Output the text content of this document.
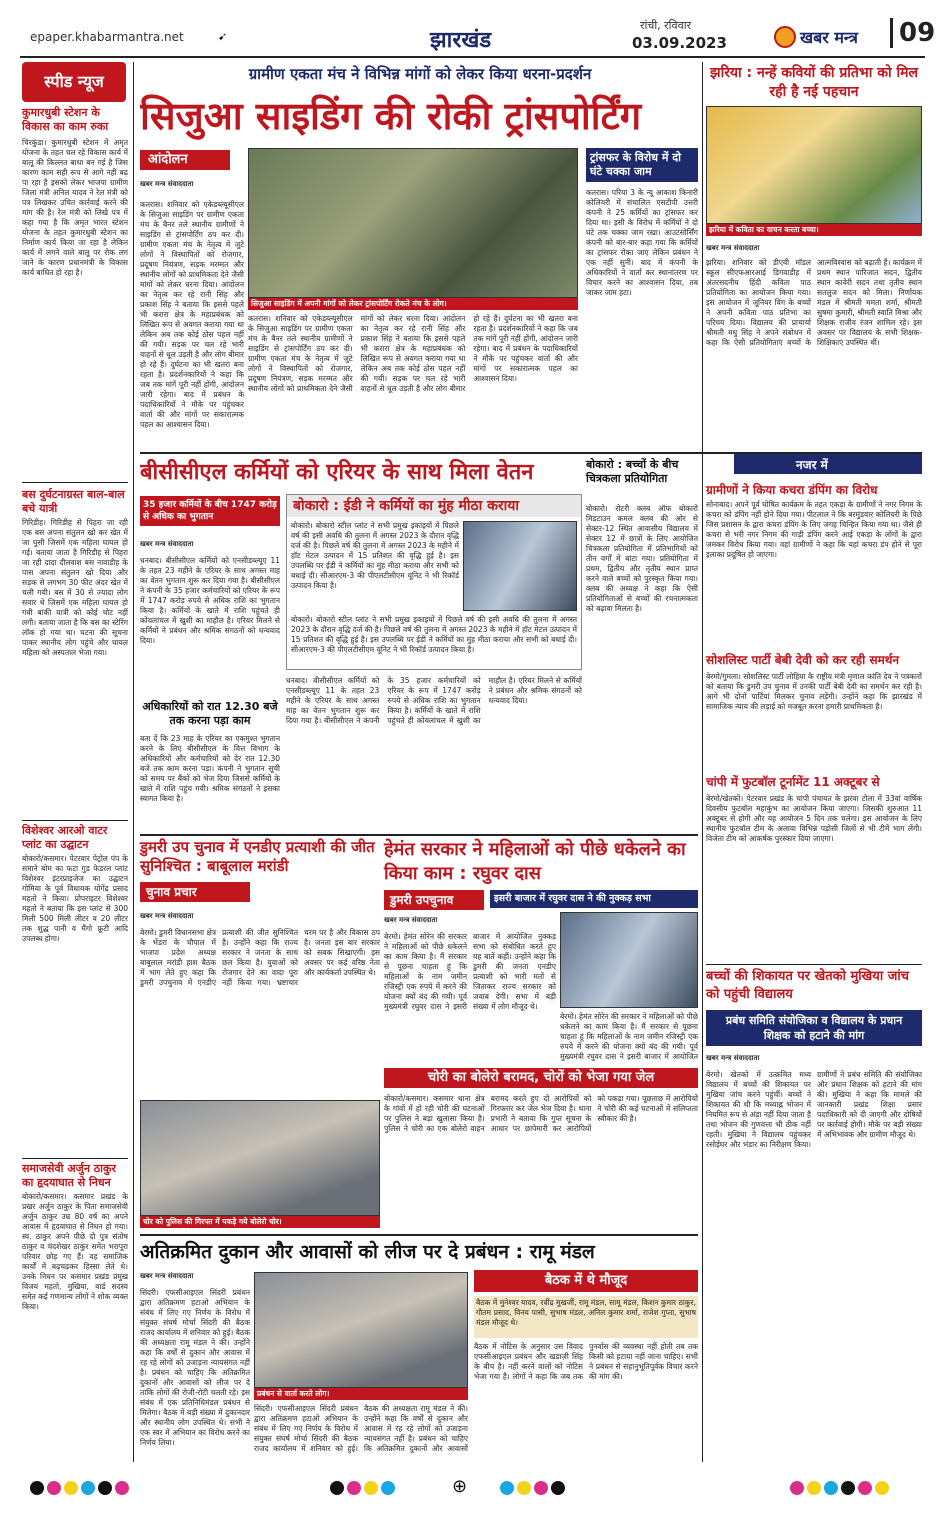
epaper.khabarmantra.net	➹	झारखंड
रांची, रविवार
03.09.2023	खबर मन्त्र	09
स्पीड न्यूज
कुमारधुबी स्टेशन के विकास का काम रुका
चिरकुंडा। कुमारधुबी स्टेशन में अमृत योजना के तहत चल रहे विकास कार्य में बालू की किल्लत बाधा बन गई है जिस कारण काम सही रूप से आगे नहीं बढ़ पा रहा है इसको लेकर भाजपा ग्रामीण जिला मंत्री अनिल यादव ने रेल मंत्री को पत्र लिखकर उचित कार्रवाई करने की मांग की है। रेल मंत्री को लिखे पत्र में कहा गया है कि अमृत भारत स्टेशन योजना के तहत कुमारधुबी स्टेशन का निर्माण कार्य किया जा रहा है लेकिन कार्य में लगने वाले बालू पर रोक लग जाने के कारण प्रधानमंत्री के विकास कार्य बाधित हो रहा है।
बस दुर्घटनाग्रस्त बाल-बाल बचे यात्री
गिरिडीह। गिरिडीह से पिहरा जा रही एक बस अपना संतुलन खो कर खेत में जा घुसी जिसमें एक महिला घायल हो गई। बताया जाता है गिरिडीह से पिहरा जा रही दादा दीलवाश बस नावाडीह के पास अपना संतुलन खो दिया और सड़क से लगभग 30 फीट अंदर खेत में चली गयी। बस में 30 से ज्यादा लोग सवार थे जिसमें एक महिला घायल हो गयी बाकी यात्री को कोई चोट नहीं लगी। बताया जाता है कि बस का स्टेरिंग लॉक हो गया था। घटना की सूचना पाकर स्थानीय लोग पहुंचे और घायल महिला को अस्पताल भेजा गया।
विशेश्वर आरओ वाटर प्लांट का उद्घाटन
बोकारो/कसमार। पेटरवार पेट्रोल पंप के समाने बोम का फटा गुड फेडरल प्लांट विशेश्वर इंटरप्राइजेज का उद्घाटन गोमिया के पूर्व विधायक योगेंद्र प्रसाद महतो ने किया। प्रोपराइटर विशेश्वर महतो ने बताया कि इस प्लांट से 300 मिली 500 मिली लीटर व 20 लीटर तक शुद्ध पानी व मैंगो फ्रूटी आदि उपलब्ध होगा।
समाजसेवी अर्जुन ठाकुर का हृदयाघात से निधन
बोकारो/कसमार। कसमार प्रखंड के प्रखर अर्जुन ठाकुर के पिता समाजसेवी अर्जुन ठाकुर उम्र 80 वर्ष का अपने आवास में हृदयाघात से निधन हो गया। स्व. ठाकुर अपने पीछे दो पुत्र संतोष ठाकुर व चंदशेखर ठाकुर समेत भरापूरा परिवार छोड़ गए हैं। वह समाजिक कार्यों में बढ़चढ़कर हिस्सा लेते थे। उनके निधन पर कसमार प्रखंड प्रमुख विजय महतो, मुखिया, वार्ड सदस्य समेत कई गणमान्य लोगों ने शोक व्यक्त किया।
ग्रामीण एकता मंच ने विभिन्न मांगों को लेकर किया धरना-प्रदर्शन
सिजुआ साइडिंग की रोकी ट्रांसपोर्टिंग
आंदोलन
खबर मन्त्र संवाददाता
सिजुआ साइडिंग में अपनी मांगों को लेकर ट्रांसपोर्टिंग रोकते मंच के लोग।
कतरास। शनिवार को एकेडब्ल्यूसीएल के सिजुआ साइडिंग पर ग्रामीण एकता मंच के बैनर तले स्थानीय ग्रामीणों ने साइडिंग से ट्रांसपोर्टिंग ठप कर दी। ग्रामीण एकता मंच के नेतृत्व में जुटे लोगों ने विस्थापितों को रोजगार, प्रदूषण नियंत्रण, सड़क मरम्मत और स्थानीय लोगों को प्राथमिकता देने जैसी मांगों को लेकर धरना दिया। आंदोलन का नेतृत्व कर रहे रानी सिंह और प्रकाश सिंह ने बताया कि इससे पहले भी करारा क्षेत्र के महाप्रबंधक को लिखित रूप से अवगत कराया गया था लेकिन अब तक कोई ठोस पहल नहीं की गयी। सड़क पर चल रहे भारी वाहनों से धूल उड़ती है और लोग बीमार हो रहे हैं। दुर्घटना का भी खतरा बना रहता है। प्रदर्शनकारियों ने कहा कि जब तक मांगें पूरी नहीं होंगी, आंदोलन जारी रहेगा। बाद में प्रबंधन के पदाधिकारियों ने मौके पर पहुंचकर वार्ता की और मांगों पर सकारात्मक पहल का आश्वासन दिया।
कतरास। शनिवार को एकेडब्ल्यूसीएल के सिजुआ साइडिंग पर ग्रामीण एकता मंच के बैनर तले स्थानीय ग्रामीणों ने साइडिंग से ट्रांसपोर्टिंग ठप कर दी। ग्रामीण एकता मंच के नेतृत्व में जुटे लोगों ने विस्थापितों को रोजगार, प्रदूषण नियंत्रण, सड़क मरम्मत और स्थानीय लोगों को प्राथमिकता देने जैसी मांगों को लेकर धरना दिया। आंदोलन का नेतृत्व कर रहे रानी सिंह और प्रकाश सिंह ने बताया कि इससे पहले भी करारा क्षेत्र के महाप्रबंधक को लिखित रूप से अवगत कराया गया था लेकिन अब तक कोई ठोस पहल नहीं की गयी। सड़क पर चल रहे भारी वाहनों से धूल उड़ती है और लोग बीमार हो रहे हैं। दुर्घटना का भी खतरा बना रहता है। प्रदर्शनकारियों ने कहा कि जब तक मांगें पूरी नहीं होंगी, आंदोलन जारी रहेगा। बाद में प्रबंधन के पदाधिकारियों ने मौके पर पहुंचकर वार्ता की और मांगों पर सकारात्मक पहल का आश्वासन दिया।
ट्रांसफर के विरोध में दो घंटे चक्का जाम
कतरास। परिया 3 के न्यू आकाश किनारी कोलियरी में संचालित एसटीपी उत्तरी कंपनी ने 25 कर्मियों का ट्रांसफर कर दिया था। इसी के विरोध में कर्मियों ने दो घंटे तक चक्का जाम रखा। आउटसोर्सिंग कंपनी को बार-बार कहा गया कि कर्मियों का ट्रांसफर रोका जाए लेकिन प्रबंधन ने एक नहीं सुनी। बाद में कंपनी के अधिकारियों ने वार्ता कर स्थानांतरण पर विचार करने का आश्वासन दिया, तब जाकर जाम हटा।
झरिया : नन्हें कवियों की प्रतिभा को मिल रही है नई पहचान
झरिया में कविता का वाचन करता बच्चा।
खबर मन्त्र संवाददाता
झरिया। शनिवार को डीएवी मॉडल स्कूल सीएफआरआई डिगवाडीह में अंतरसदनीय हिंदी कविता पाठ प्रतियोगिता का आयोजन किया गया। इस आयोजन में जूनियर विंग के बच्चों ने अपनी कविता पाठ प्रतिभा का परिचय दिया। विद्यालय की प्राचार्या श्रीमती मधु सिंह ने अपने संबोधन में कहा कि ऐसी प्रतियोगिताएं बच्चों के आत्मविश्वास को बढ़ाती हैं। कार्यक्रम में प्रथम स्थान पारिजात सदन, द्वितीय स्थान कावेरी सदन तथा तृतीय स्थान सतलुज सदन को मिला। निर्णायक मंडल में श्रीमती ममता शर्मा, श्रीमती सुषमा कुमारी, श्रीमती स्वाति मिश्रा और शिक्षक राजीव रंजन शामिल रहे। इस अवसर पर विद्यालय के सभी शिक्षक-शिक्षिकाएं उपस्थित थीं।
बीसीसीएल कर्मियों को एरियर के साथ मिला वेतन
35 हजार कर्मियों के बीच 1747 करोड़ से अधिक का भुगतान
खबर मन्त्र संवाददाता
धनबाद। बीसीसीएल कर्मियों को एनसीडब्ल्यूए 11 के तहत 23 महीने के एरियर के साथ अगस्त माह का वेतन भुगतान शुरू कर दिया गया है। बीसीसीएल ने कंपनी के 35 हजार कर्मचारियों को एरियर के रूप में 1747 करोड़ रुपये से अधिक राशि का भुगतान किया है। कर्मियों के खाते में राशि पहुंचते ही कोयलांचल में खुशी का माहौल है। एरियर मिलने से कर्मियों ने प्रबंधन और श्रमिक संगठनों को धन्यवाद दिया।
अधिकारियों को रात 12.30 बजे तक करना पड़ा काम
बता दें कि 23 माह के एरियर का एकमुश्त भुगतान करने के लिए बीसीसीएल के वित्त विभाग के अधिकारियों और कर्मचारियों को देर रात 12.30 बजे तक काम करना पड़ा। कंपनी ने भुगतान सूची को समय पर बैंकों को भेज दिया जिससे कर्मियों के खाते में राशि पहुंच गयी। श्रमिक संगठनों ने इसका स्वागत किया है।
बोकारो : ईडी ने कर्मियों का मुंह मीठा कराया
बोकारो। बोकारो स्टील प्लांट ने सभी प्रमुख इकाइयों में पिछले वर्ष की इसी अवधि की तुलना में अगस्त 2023 के दौरान वृद्धि दर्ज की है। पिछले वर्ष की तुलना में अगस्त 2023 के महीने में हॉट मेटल उत्पादन में 15 प्रतिशत की वृद्धि हुई है। इस उपलब्धि पर ईडी ने कर्मियों का मुंह मीठा कराया और सभी को बधाई दी। सीआरएम-3 की पीएलटीसीएम यूनिट ने भी रिकॉर्ड उत्पादन किया है।
बोकारो। बोकारो स्टील प्लांट ने सभी प्रमुख इकाइयों में पिछले वर्ष की इसी अवधि की तुलना में अगस्त 2023 के दौरान वृद्धि दर्ज की है। पिछले वर्ष की तुलना में अगस्त 2023 के महीने में हॉट मेटल उत्पादन में 15 प्रतिशत की वृद्धि हुई है। इस उपलब्धि पर ईडी ने कर्मियों का मुंह मीठा कराया और सभी को बधाई दी। सीआरएम-3 की पीएलटीसीएम यूनिट ने भी रिकॉर्ड उत्पादन किया है।
धनबाद। बीसीसीएल कर्मियों को एनसीडब्ल्यूए 11 के तहत 23 महीने के एरियर के साथ अगस्त माह का वेतन भुगतान शुरू कर दिया गया है। बीसीसीएल ने कंपनी के 35 हजार कर्मचारियों को एरियर के रूप में 1747 करोड़ रुपये से अधिक राशि का भुगतान किया है। कर्मियों के खाते में राशि पहुंचते ही कोयलांचल में खुशी का माहौल है। एरियर मिलने से कर्मियों ने प्रबंधन और श्रमिक संगठनों को धन्यवाद दिया।
बोकारो : बच्चों के बीच चित्रकला प्रतियोगिता
बोकारो। रोटरी क्लब ऑफ बोकारो मिडटाउन कमल क्लब की ओर से सेक्टर-12 स्थित आवासीय विद्यालय में सेक्टर 12 में छात्रों के लिए आयोजित चित्रकला प्रतियोगिता में प्रतिभागियों को तीन वर्गों में बांटा गया। प्रतियोगिता में प्रथम, द्वितीय और तृतीय स्थान प्राप्त करने वाले बच्चों को पुरस्कृत किया गया। क्लब की अध्यक्ष ने कहा कि ऐसी प्रतियोगिताओं से बच्चों की रचनात्मकता को बढ़ावा मिलता है।
नजर में
ग्रामीणों ने किया कचरा डंपिंग का विरोध
सोनाबाद। अपने पूर्व घोषित कार्यक्रम के तहत एकड़ा के ग्रामीणों ने नगर निगम के कचरा को डंपिंग नहीं होने दिया गया। पीटलाल ने कि बरमुंडवार कोलियरी के पिछे जिस प्रशासन के द्वारा कचरा डंपिंग के लिए जगह चिन्हित किया गया था। जैसे ही कचरा से भरी नगर निगम की गाड़ी डंपिंग करने आई एकड़ा के लोगों के द्वारा जमकर विरोध किया गया। वहां ग्रामीणों ने कहा कि यहां कचरा डंप होने से पूरा इलाका प्रदूषित हो जाएगा।
सोशलिस्ट पार्टी बेबी देवी को कर रही समर्थन
बेरमो/गुमला। सोशलिस्ट पार्टी लोहिया के राष्ट्रीय मंत्री मृणाल कांति देव ने पत्रकारों को बताया कि डुमरी उप चुनाव में उनकी पार्टी बेबी देवी का समर्थन कर रही है। आगे भी दोनों पार्टियां मिलकर चुनाव लड़ेंगी। उन्होंने कहा कि झारखंड में सामाजिक न्याय की लड़ाई को मजबूत करना हमारी प्राथमिकता है।
चांपी में फुटबॉल टूर्नामेंट 11 अक्टूबर से
बेरमो/खेतको। पेटरवार प्रखंड के चांपी पंचायत के झरवा टोला में 33वां वार्षिक दिवसीय फुटबॉल महाकुंभ का आयोजन किया जाएगा। जिसकी शुरुआत 11 अक्टूबर से होगी और यह आयोजन 5 दिन तक चलेगा। इस आयोजन के लिए स्थानीय फुटबॉल टीम के अलावा विभिन्न पड़ोसी जिलों से भी टीमें भाग लेंगी। विजेता टीम को आकर्षक पुरस्कार दिया जाएगा।
डुमरी उप चुनाव में एनडीए प्रत्याशी की जीत सुनिश्चित : बाबूलाल मरांडी
चुनाव प्रचार
खबर मन्त्र संवाददाता
बेरमो। डुमरी विधानसभा क्षेत्र के भेंडरा के चौपाल में भाजपा प्रदेश अध्यक्ष बाबूलाल मरांडी हाश बैठक में भाग लेते हुए कहा कि डुमरी उपचुनाव में एनडीए प्रत्याशी की जीत सुनिश्चित है। उन्होंने कहा कि राज्य सरकार ने जनता के साथ छल किया है। युवाओं को रोजगार देने का वादा पूरा नहीं किया गया। भ्रष्टाचार चरम पर है और विकास ठप है। जनता इस बार सरकार को सबक सिखाएगी। इस अवसर पर कई वरिष्ठ नेता और कार्यकर्ता उपस्थित थे।
चोर को पुलिस की गिरफ्त में पकड़े गये बोलेरो चोर।
हेमंत सरकार ने महिलाओं को पीछे धकेलने का किया काम : रघुवर दास
डुमरी उपचुनाव	इसरी बाजार में रघुवर दास ने की नुक्कड़ सभा
खबर मन्त्र संवाददाता
बेरमो। हेमंत सोरेन की सरकार ने महिलाओं को पीछे धकेलने का काम किया है। मैं सरकार से पूछना चाहता हूं कि महिलाओं के नाम जमीन रजिस्ट्री एक रुपये में करने की योजना क्यों बंद की गयी। पूर्व मुख्यमंत्री रघुवर दास ने इसरी बाजार में आयोजित नुक्कड़ सभा को संबोधित करते हुए यह बातें कहीं। उन्होंने कहा कि डुमरी की जनता एनडीए प्रत्याशी को भारी मतों से जिताकर राज्य सरकार को जवाब देगी। सभा में बड़ी संख्या में लोग मौजूद थे।
बेरमो। हेमंत सोरेन की सरकार ने महिलाओं को पीछे धकेलने का काम किया है। मैं सरकार से पूछना चाहता हूं कि महिलाओं के नाम जमीन रजिस्ट्री एक रुपये में करने की योजना क्यों बंद की गयी। पूर्व मुख्यमंत्री रघुवर दास ने इसरी बाजार में आयोजित
चोरी का बोलेरो बरामद, चोरों को भेजा गया जेल
बोकारो/कसमार। कसमार थाना क्षेत्र के गांवों में हो रही चोरी की घटनाओं पर पुलिस ने बड़ा खुलासा किया है। पुलिस ने चोरी का एक बोलेरो वाहन बरामद करते हुए दो आरोपियों को गिरफ्तार कर जेल भेज दिया है। थाना प्रभारी ने बताया कि गुप्त सूचना के आधार पर छापेमारी कर आरोपियों को पकड़ा गया। पूछताछ में आरोपियों ने चोरी की कई घटनाओं में संलिप्तता स्वीकार की है।
बच्चों की शिकायत पर खेतको मुखिया जांच को पहुंची विद्यालय
प्रबंध समिति संयोजिका व विद्यालय के प्रधान शिक्षक को हटाने की मांग
खबर मन्त्र संवाददाता
बेरमो। खेतको में उत्क्रमित मध्य विद्यालय में बच्चों की शिकायत पर मुखिया जांच करने पहुंचीं। बच्चों ने शिकायत की थी कि मध्याह्न भोजन में नियमित रूप से अंडा नहीं दिया जाता है तथा भोजन की गुणवत्ता भी ठीक नहीं रहती। मुखिया ने विद्यालय पहुंचकर रसोईघर और भंडार का निरीक्षण किया। ग्रामीणों ने प्रबंध समिति की संयोजिका और प्रधान शिक्षक को हटाने की मांग की। मुखिया ने कहा कि मामले की जानकारी प्रखंड शिक्षा प्रसार पदाधिकारी को दी जाएगी और दोषियों पर कार्रवाई होगी। मौके पर बड़ी संख्या में अभिभावक और ग्रामीण मौजूद थे।
अतिक्रमित दुकान और आवासों को लीज पर दे प्रबंधन : रामू मंडल
खबर मन्त्र संवाददाता
सिंदरी। एफसीआइएल सिंदरी प्रबंधन द्वारा अतिक्रमण हटाओ अभियान के संबंध में लिए गए निर्णय के विरोध में संयुक्त संघर्ष मोर्चा सिंदरी की बैठक राजद कार्यालय में शनिवार को हुई। बैठक की अध्यक्षता रामू मंडल ने की। उन्होंने कहा कि वर्षों से दुकान और आवास में रह रहे लोगों को उजाड़ना न्यायसंगत नहीं है। प्रबंधन को चाहिए कि अतिक्रमित दुकानों और आवासों को लीज पर दे ताकि लोगों की रोजी-रोटी चलती रहे। इस संबंध में एक प्रतिनिधिमंडल प्रबंधन से मिलेगा। बैठक में बड़ी संख्या में दुकानदार और स्थानीय लोग उपस्थित थे। सभी ने एक स्वर में अभियान का विरोध करने का निर्णय लिया।
प्रबंधन से वार्ता करते लोग।
सिंदरी। एफसीआइएल सिंदरी प्रबंधन द्वारा अतिक्रमण हटाओ अभियान के संबंध में लिए गए निर्णय के विरोध में संयुक्त संघर्ष मोर्चा सिंदरी की बैठक राजद कार्यालय में शनिवार को हुई। बैठक की अध्यक्षता रामू मंडल ने की। उन्होंने कहा कि वर्षों से दुकान और आवास में रह रहे लोगों को उजाड़ना न्यायसंगत नहीं है। प्रबंधन को चाहिए कि अतिक्रमित दुकानों और आवासों
बैठक में थे मौजूद
बैठक में मुनेश्वर यादव, रवींद्र मुखर्जी, रामू मंडल, सामू मंडल, किशन कुमार ठाकुर, गौतम प्रसाद, विनय पासी, सुभाष मंडल, अनिल कुमार शर्मा, राजेश गुप्ता, सुभाष मंडल मौजूद थे।
बैठक में नोटिस के अनुसार उस विवाद एफसीआइएल प्रबंधन और खडाज़ी सिंह के बीच है। नहीं करने वालों को नोटिस भेजा गया है। लोगों ने कहा कि जब तक पुनर्वास की व्यवस्था नहीं होती तब तक किसी को हटाया नहीं जाना चाहिए। सभी ने प्रबंधन से सहानुभूतिपूर्वक विचार करने की मांग की।
⊕
